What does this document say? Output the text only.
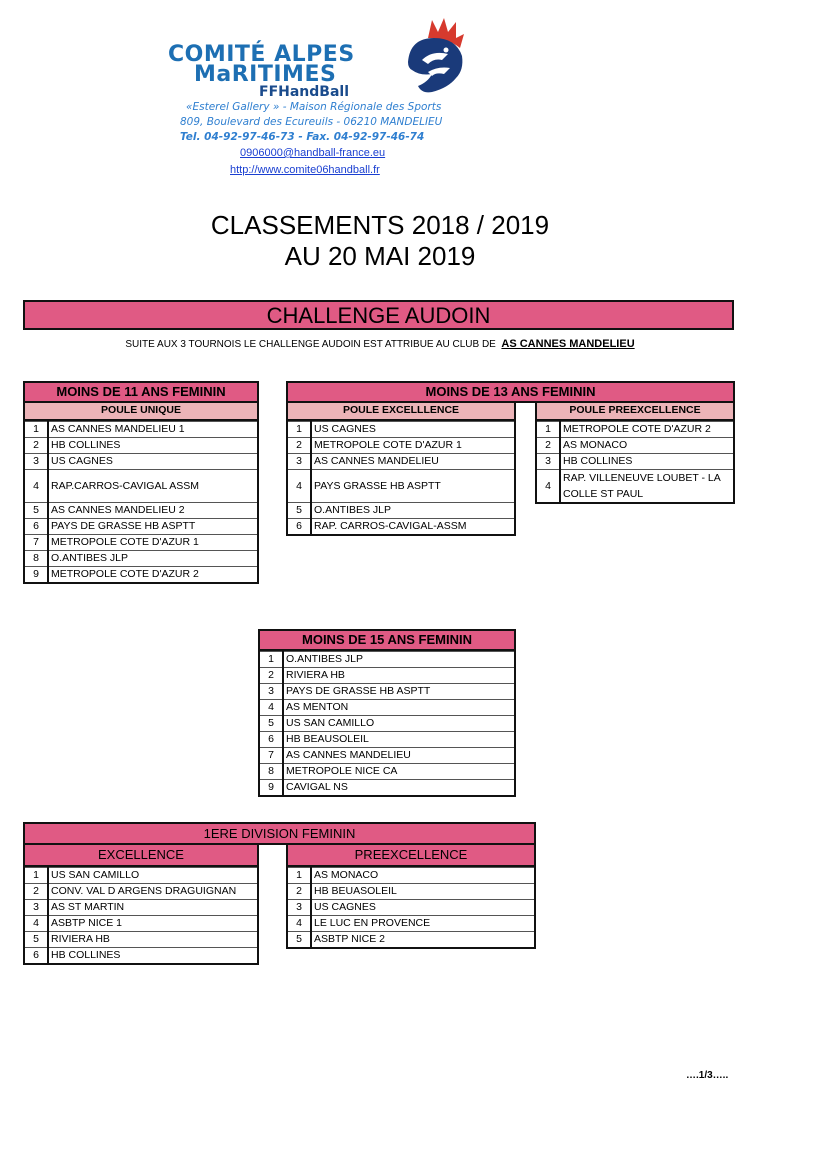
COMITÉ ALPES
MaRITIMES
FFHandBall
«Esterel Gallery » - Maison Régionale des Sports
809, Boulevard des Ecureuils - 06210 MANDELIEU
Tel. 04-92-97-46-73 - Fax. 04-92-97-46-74
0906000@handball-france.eu
http://www.comite06handball.fr
CLASSEMENTS 2018 / 2019
AU 20 MAI 2019
CHALLENGE AUDOIN
SUITE AUX 3 TOURNOIS LE CHALLENGE AUDOIN EST ATTRIBUE AU CLUB DE AS CANNES MANDELIEU
MOINS DE 11 ANS FEMININ
POULE UNIQUE
1	AS CANNES MANDELIEU 1
2	HB COLLINES
3	US CAGNES
4	RAP.CARROS-CAVIGAL ASSM
5	AS CANNES MANDELIEU 2
6	PAYS DE GRASSE HB ASPTT
7	METROPOLE COTE D'AZUR 1
8	O.ANTIBES JLP
9	METROPOLE COTE D'AZUR 2
MOINS DE 13 ANS FEMININ
POULE EXCELLLENCE
1	US CAGNES
2	METROPOLE COTE D'AZUR 1
3	AS CANNES MANDELIEU
4	PAYS GRASSE HB ASPTT
5	O.ANTIBES JLP
6	RAP. CARROS-CAVIGAL-ASSM
POULE PREEXCELLENCE
1	METROPOLE COTE D'AZUR 2
2	AS MONACO
3	HB COLLINES
4	RAP. VILLENEUVE LOUBET - LA COLLE ST PAUL
MOINS DE 15 ANS FEMININ
1	O.ANTIBES JLP
2	RIVIERA HB
3	PAYS DE GRASSE HB ASPTT
4	AS MENTON
5	US SAN CAMILLO
6	HB BEAUSOLEIL
7	AS CANNES MANDELIEU
8	METROPOLE NICE CA
9	CAVIGAL NS
1ERE DIVISION FEMININ
EXCELLENCE
1	US SAN CAMILLO
2	CONV. VAL D ARGENS DRAGUIGNAN
3	AS ST MARTIN
4	ASBTP NICE 1
5	RIVIERA HB
6	HB COLLINES
PREEXCELLENCE
1	AS MONACO
2	HB BEUASOLEIL
3	US CAGNES
4	LE LUC EN PROVENCE
5	ASBTP NICE 2
….1/3…..
